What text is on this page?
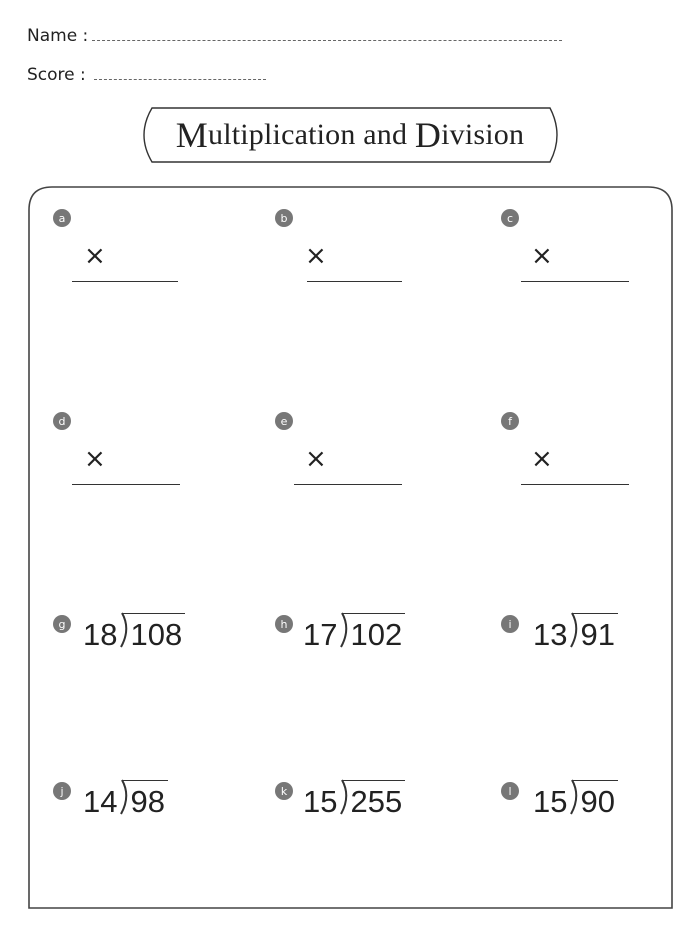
Name :
Score :
M ultiplication and D ivision
a
×
b
×
c
×
d
×
e
×
f
×
g 18 108	h 17 102	i 13 91
j 14 98	k 15 255	l 15 90
